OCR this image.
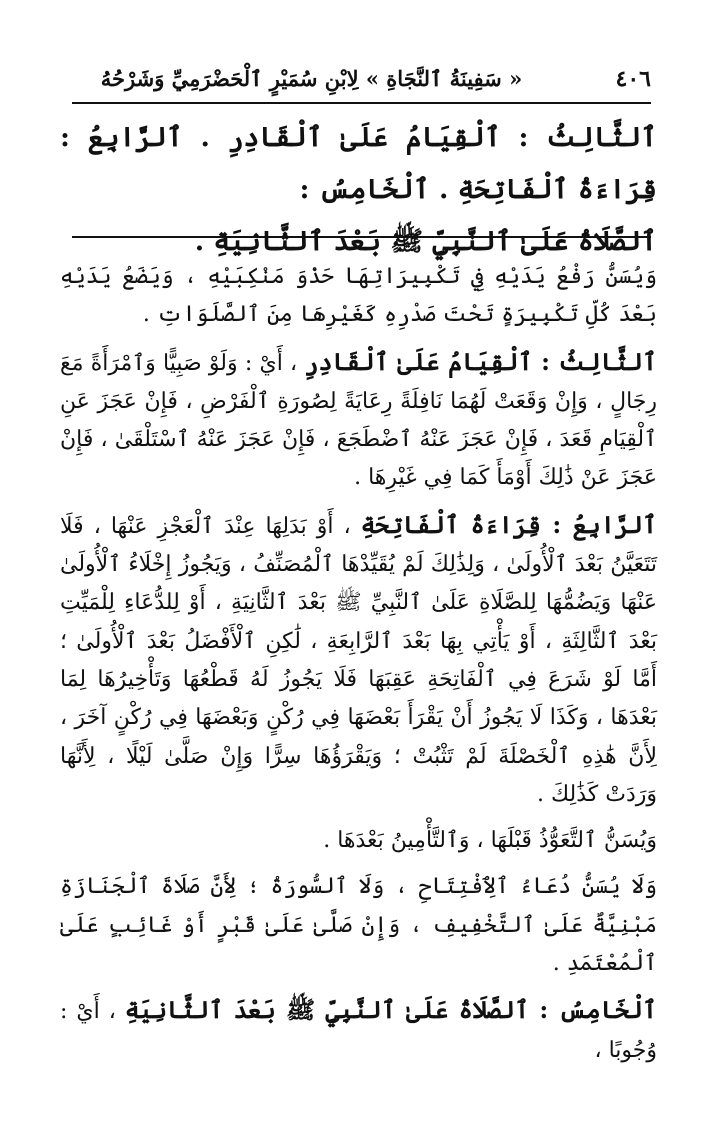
٤٠٦
« سَفِينَةُ ٱلنَّجَاةِ » لِابْنِ سُمَيْرٍ ٱلْحَضْرَمِيِّ وَشَرْحُهُ

ٱلثَّالِثُ : ٱلْقِيَامُ عَلَىٰ ٱلْقَادِرِ . ٱلرَّابِعُ : قِرَاءَةُ ٱلْفَاتِحَةِ . ٱلْخَامِسُ :

ٱلصَّلَاةُ عَلَىٰ ٱلنَّبِيِّ ﷺ بَعْدَ ٱلثَّانِيَةِ .

وَيُسَنُّ رَفْعُ يَدَيْهِ فِي تَكْبِيرَاتِهَا حَذْوَ مَنْكِبَيْهِ ، وَيَضَعُ يَدَيْهِ بَعْدَ كُلِّ تَكْبِيرَةٍ تَحْتَ صَدْرِهِ كَغَيْرِهَا مِنَ ٱلصَّلَوَاتِ .

ٱلثَّالِثُ : ٱلْقِيَامُ عَلَىٰ ٱلْقَادِرِ ، أَيْ : وَلَوْ صَبِيًّا وَٱمْرَأَةً مَعَ رِجَالٍ ، وَإِنْ وَقَعَتْ لَهُمَا نَافِلَةً رِعَايَةً لِصُورَةِ ٱلْفَرْضِ ، فَإِنْ عَجَزَ عَنِ ٱلْقِيَامِ قَعَدَ ، فَإِنْ عَجَزَ عَنْهُ ٱضْطَجَعَ ، فَإِنْ عَجَزَ عَنْهُ ٱسْتَلْقَىٰ ، فَإِنْ عَجَزَ عَنْ ذَٰلِكَ أَوْمَأَ كَمَا فِي غَيْرِهَا .

ٱلرَّابِعُ : قِرَاءَةُ ٱلْفَاتِحَةِ ، أَوْ بَدَلِهَا عِنْدَ ٱلْعَجْزِ عَنْهَا ، فَلَا تَتَعَيَّنُ بَعْدَ ٱلْأُولَىٰ ، وَلِذَٰلِكَ لَمْ يُقَيِّدْهَا ٱلْمُصَنِّفُ ، وَيَجُوزُ إِخْلَاءُ ٱلْأُولَىٰ عَنْهَا وَيَضُمُّهَا لِلصَّلَاةِ عَلَىٰ ٱلنَّبِيِّ ﷺ بَعْدَ ٱلثَّانِيَةِ ، أَوْ لِلدُّعَاءِ لِلْمَيِّتِ بَعْدَ ٱلثَّالِثَةِ ، أَوْ يَأْتِي بِهَا بَعْدَ ٱلرَّابِعَةِ ، لَٰكِنِ ٱلْأَفْضَلُ بَعْدَ ٱلْأُولَىٰ ؛ أَمَّا لَوْ شَرَعَ فِي ٱلْفَاتِحَةِ عَقِبَهَا فَلَا يَجُوزُ لَهُ قَطْعُهَا وَتَأْخِيرُهَا لِمَا بَعْدَهَا ، وَكَذَا لَا يَجُوزُ أَنْ يَقْرَأَ بَعْضَهَا فِي رُكْنٍ وَبَعْضَهَا فِي رُكْنٍ آخَرَ ، لِأَنَّ هَٰذِهِ ٱلْخَصْلَةَ لَمْ تَثْبُتْ ؛ وَيَقْرَؤُهَا سِرًّا وَإِنْ صَلَّىٰ لَيْلًا ، لِأَنَّهَا وَرَدَتْ كَذَٰلِكَ .

وَيُسَنُّ ٱلتَّعَوُّذُ قَبْلَهَا ، وَٱلتَّأْمِينُ بَعْدَهَا .

وَلَا يُسَنُّ دُعَاءُ ٱلِٱفْتِتَاحِ ، وَلَا ٱلسُّورَةُ ؛ لِأَنَّ صَلَاةَ ٱلْجَنَازَةِ مَبْنِيَّةٌ عَلَىٰ ٱلتَّخْفِيفِ ، وَإِنْ صَلَّىٰ عَلَىٰ قَبْرٍ أَوْ غَائِبٍ عَلَىٰ ٱلْمُعْتَمَدِ .

ٱلْخَامِسُ : ٱلصَّلَاةُ عَلَىٰ ٱلنَّبِيِّ ﷺ بَعْدَ ٱلثَّانِيَةِ ، أَيْ : وُجُوبًا ،
